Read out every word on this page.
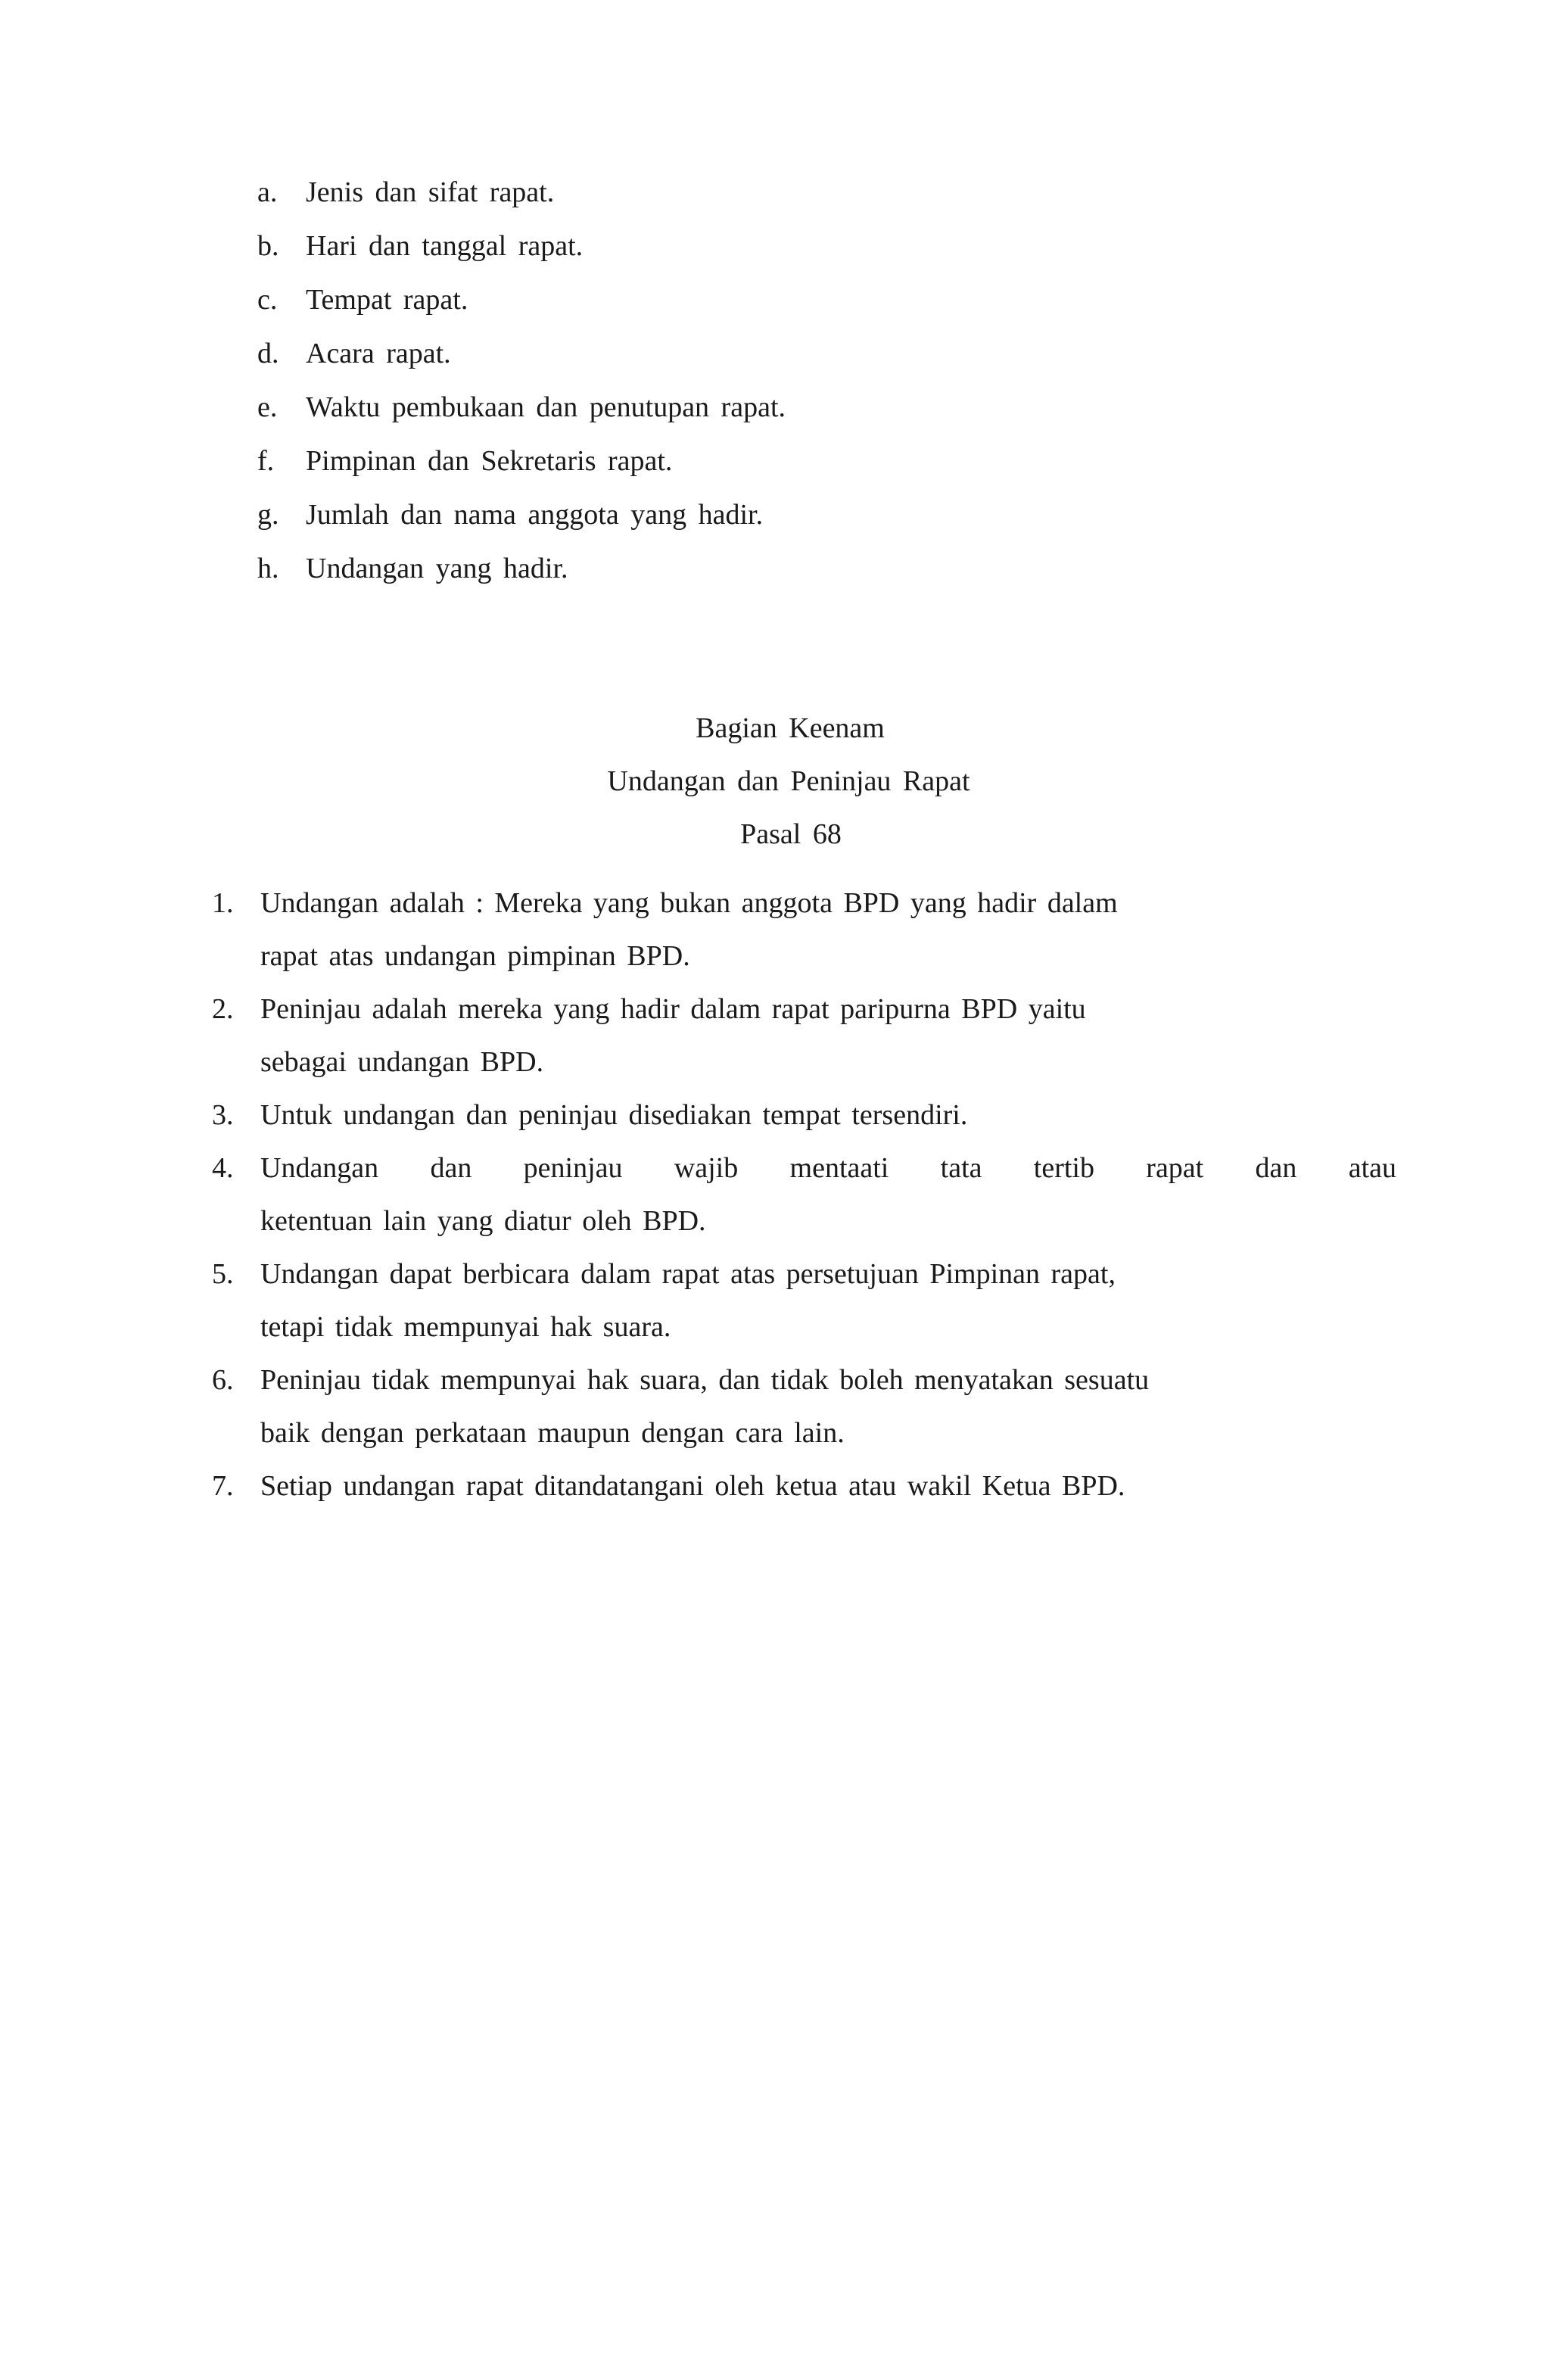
a. Jenis dan sifat rapat.
b. Hari dan tanggal rapat.
c. Tempat rapat.
d. Acara rapat.
e. Waktu pembukaan dan penutupan rapat.
f.	Pimpinan dan Sekretaris rapat.
g. Jumlah dan nama anggota yang hadir.
h. Undangan yang hadir.
Bagian Keenam
Undangan dan Peninjau Rapat
Pasal 68
1. Undangan adalah : Mereka yang bukan anggota BPD yang hadir dalam
rapat atas undangan pimpinan BPD.

2. Peninjau adalah mereka yang hadir dalam rapat paripurna BPD yaitu
sebagai undangan BPD.

3. Untuk undangan dan peninjau disediakan tempat tersendiri.

4. Undangan dan peninjau wajib mentaati tata tertib rapat dan atau
ketentuan lain yang diatur oleh BPD.

5. Undangan dapat berbicara dalam rapat atas persetujuan Pimpinan rapat,
tetapi tidak mempunyai hak suara.

6. Peninjau tidak mempunyai hak suara, dan tidak boleh menyatakan sesuatu
baik dengan perkataan maupun dengan cara lain.

7. Setiap undangan rapat ditandatangani oleh ketua atau wakil Ketua BPD.
